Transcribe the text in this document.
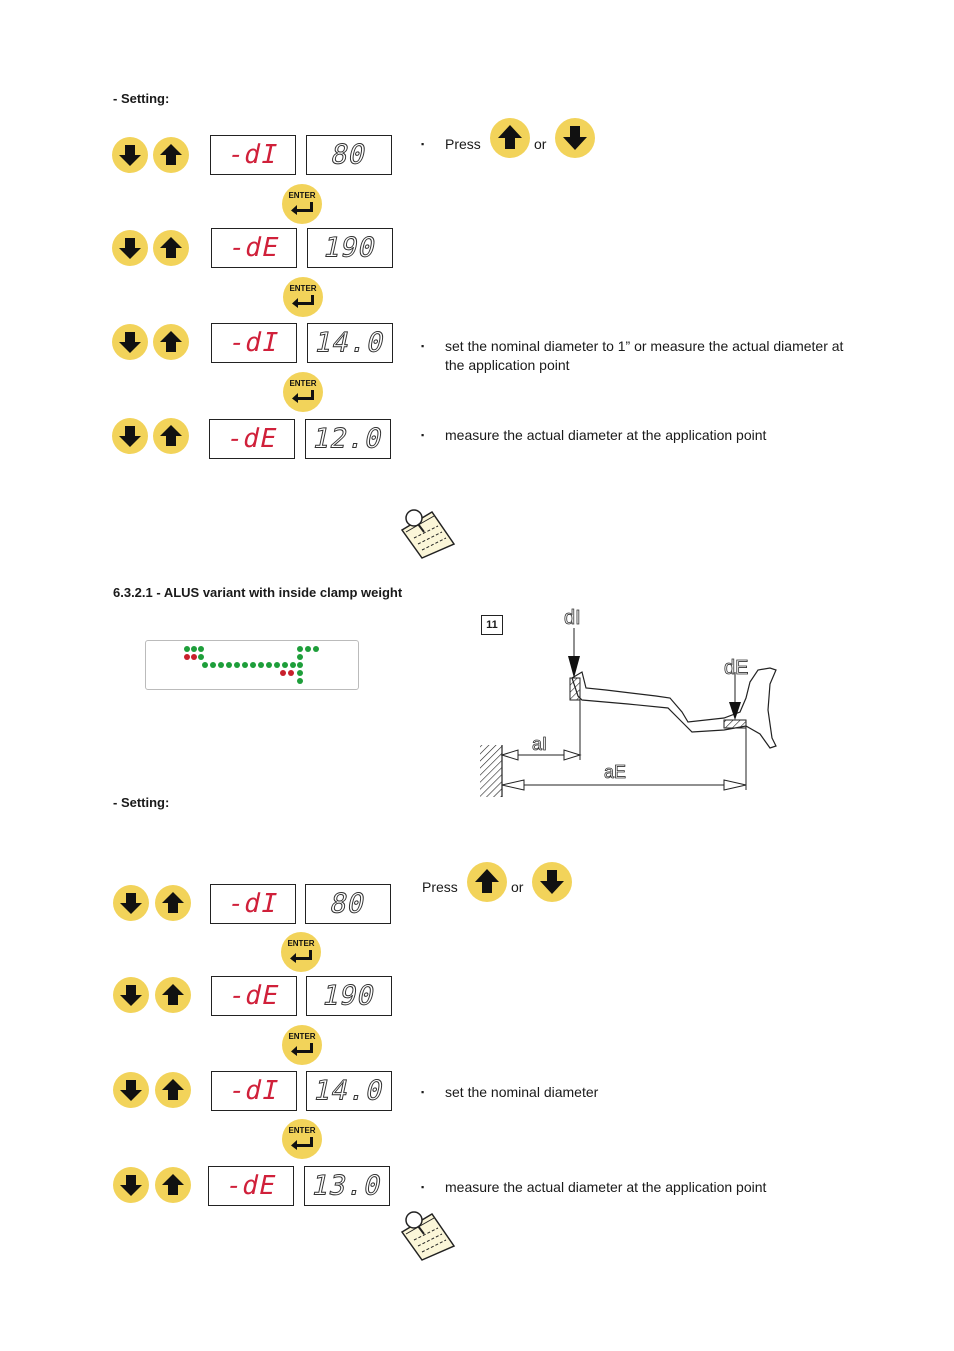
- Setting:
-dI	80
ENTER
-dE	190
ENTER
-dI	14.0
ENTER
-dE	12.0
▪ Press	or
▪ set the nominal diameter to 1” or measure the actual diameter at the application point
▪ measure the actual diameter at the application point
6.3.2.1 - ALUS variant with inside clamp weight
11	dI
dE
aI
aE
- Setting:
-dI	80
ENTER
-dE	190
ENTER
-dI	14.0
ENTER
-dE	13.0
Press	or
▪ set the nominal diameter
▪ measure the actual diameter at the application point
